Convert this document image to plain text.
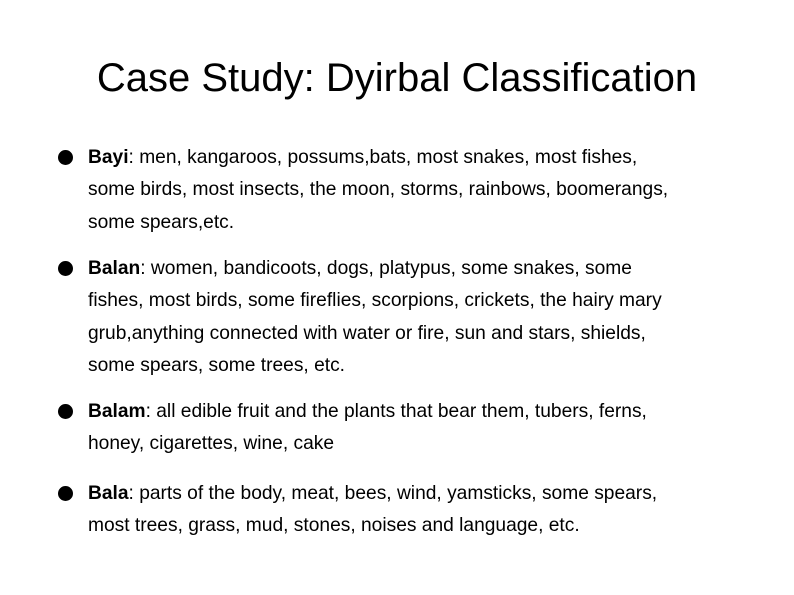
Case Study: Dyirbal Classification
Bayi: men, kangaroos, possums,bats, most snakes, most fishes,
some birds, most insects, the moon, storms, rainbows, boomerangs,
some spears,etc.
Balan: women, bandicoots, dogs, platypus, some snakes, some
fishes, most birds, some fireflies, scorpions, crickets, the hairy mary
grub,anything connected with water or fire, sun and stars, shields,
some spears, some trees, etc.
Balam: all edible fruit and the plants that bear them, tubers, ferns,
honey, cigarettes, wine, cake
Bala: parts of the body, meat, bees, wind, yamsticks, some spears,
most trees, grass, mud, stones, noises and language, etc.
